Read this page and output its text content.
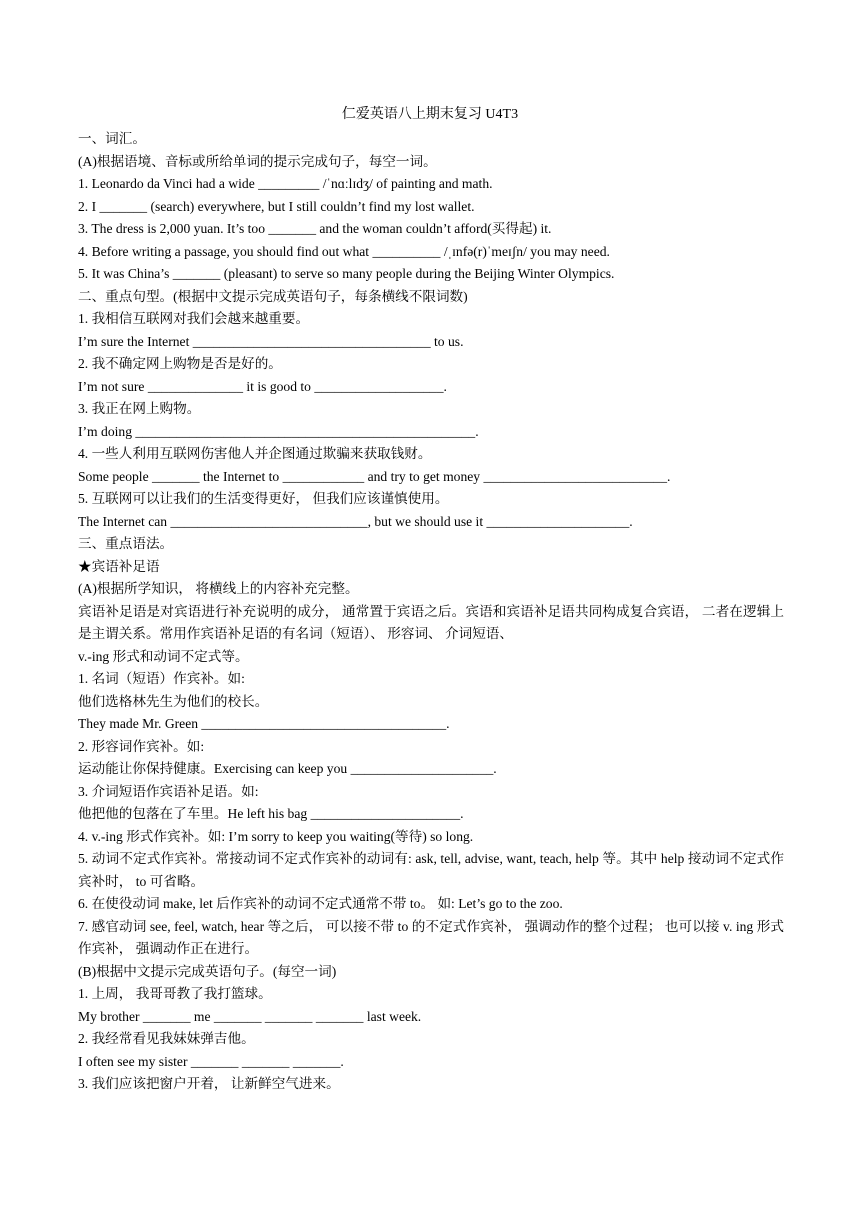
仁爱英语八上期末复习 U4T3
一、词汇。
(A)根据语境、音标或所给单词的提示完成句子，每空一词。
1. Leonardo da Vinci had a wide _________ /ˈnɑːlɪdʒ/ of painting and math.
2. I _______ (search) everywhere, but I still couldn’t find my lost wallet.
3. The dress is 2,000 yuan. It’s too _______ and the woman couldn’t afford(买得起) it.
4. Before writing a passage, you should find out what __________ /ˌɪnfə(r)ˈmeɪʃn/ you may need.
5. It was China’s _______ (pleasant) to serve so many people during the Beijing Winter Olympics.
二、重点句型。(根据中文提示完成英语句子，每条横线不限词数)
1. 我相信互联网对我们会越来越重要。
I’m sure the Internet ___________________________________ to us.
2. 我不确定网上购物是否是好的。
I’m not sure ______________ it is good to ___________________.
3. 我正在网上购物。
I’m doing __________________________________________________.
4. 一些人利用互联网伤害他人并企图通过欺骗来获取钱财。
Some people _______ the Internet to ____________ and try to get money ___________________________.
5. 互联网可以让我们的生活变得更好， 但我们应该谨慎使用。
The Internet can _____________________________, but we should use it _____________________.
三、重点语法。
★宾语补足语
(A)根据所学知识， 将横线上的内容补充完整。
宾语补足语是对宾语进行补充说明的成分， 通常置于宾语之后。宾语和宾语补足语共同构成复合宾语， 二者在逻辑上是主谓关系。常用作宾语补足语的有名词（短语）、 形容词、 介词短语、
v.-ing 形式和动词不定式等。
1. 名词（短语）作宾补。如:
他们选格林先生为他们的校长。
They made Mr. Green ____________________________________.
2. 形容词作宾补。如:
运动能让你保持健康。Exercising can keep you _____________________.
3. 介词短语作宾语补足语。如:
他把他的包落在了车里。He left his bag ______________________.
4. v.-ing 形式作宾补。如: I’m sorry to keep you waiting(等待) so long.
5. 动词不定式作宾补。常接动词不定式作宾补的动词有: ask, tell, advise, want, teach, help 等。其中 help 接动词不定式作宾补时， to 可省略。
6. 在使役动词 make, let 后作宾补的动词不定式通常不带 to。 如: Let’s go to the zoo.
7. 感官动词 see, feel, watch, hear 等之后， 可以接不带 to 的不定式作宾补， 强调动作的整个过程； 也可以接 v. ing 形式作宾补， 强调动作正在进行。
(B)根据中文提示完成英语句子。(每空一词)
1. 上周， 我哥哥教了我打篮球。
My brother _______ me _______ _______ _______ last week.
2. 我经常看见我妹妹弹吉他。
I often see my sister _______ _______ _______.
3. 我们应该把窗户开着， 让新鲜空气进来。
